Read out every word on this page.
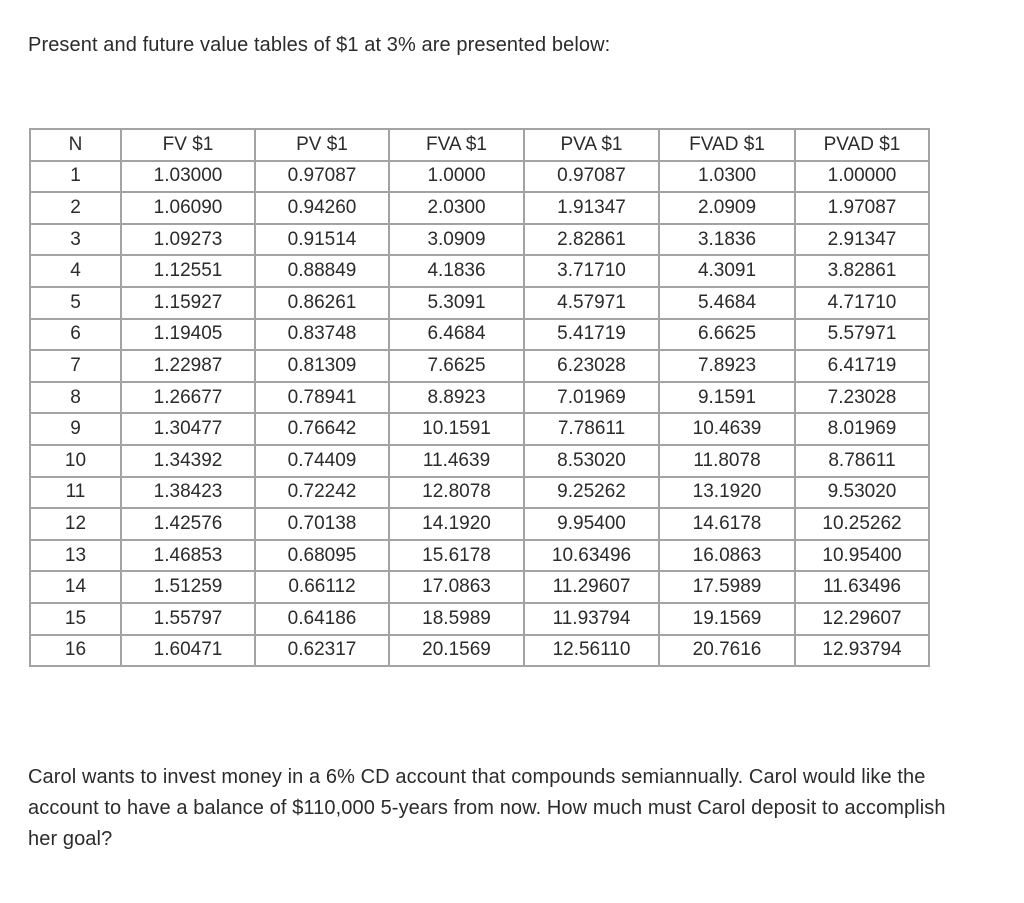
Present and future value tables of $1 at 3% are presented below:
N	FV $1	PV $1	FVA $1	PVA $1	FVAD $1	PVAD $1
1	1.03000	0.97087	1.0000	0.97087	1.0300	1.00000
2	1.06090	0.94260	2.0300	1.91347	2.0909	1.97087
3	1.09273	0.91514	3.0909	2.82861	3.1836	2.91347
4	1.12551	0.88849	4.1836	3.71710	4.3091	3.82861
5	1.15927	0.86261	5.3091	4.57971	5.4684	4.71710
6	1.19405	0.83748	6.4684	5.41719	6.6625	5.57971
7	1.22987	0.81309	7.6625	6.23028	7.8923	6.41719
8	1.26677	0.78941	8.8923	7.01969	9.1591	7.23028
9	1.30477	0.76642	10.1591	7.78611	10.4639	8.01969
10	1.34392	0.74409	11.4639	8.53020	11.8078	8.78611
11	1.38423	0.72242	12.8078	9.25262	13.1920	9.53020
12	1.42576	0.70138	14.1920	9.95400	14.6178	10.25262
13	1.46853	0.68095	15.6178	10.63496	16.0863	10.95400
14	1.51259	0.66112	17.0863	11.29607	17.5989	11.63496
15	1.55797	0.64186	18.5989	11.93794	19.1569	12.29607
16	1.60471	0.62317	20.1569	12.56110	20.7616	12.93794
Carol wants to invest money in a 6% CD account that compounds semiannually. Carol would like the account to have a balance of $110,000 5-years from now. How much must Carol deposit to accomplish her goal?
